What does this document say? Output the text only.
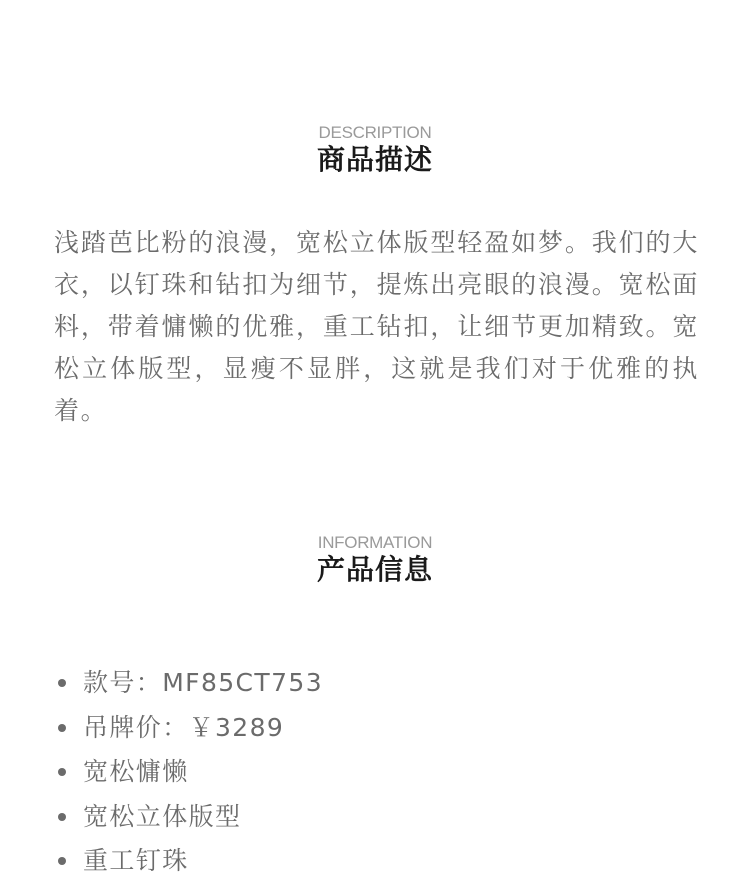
DESCRIPTION
商品描述

浅踏芭比粉的浪漫，宽松立体版型轻盈如梦。我们的大衣，以钉珠和钻扣为细节，提炼出亮眼的浪漫。宽松面料，带着慵懒的优雅，重工钻扣，让细节更加精致。宽松立体版型，显瘦不显胖，这就是我们对于优雅的执着。

INFORMATION
产品信息
款号：MF85CT753
吊牌价：￥3289
宽松慵懒
宽松立体版型
重工钉珠
